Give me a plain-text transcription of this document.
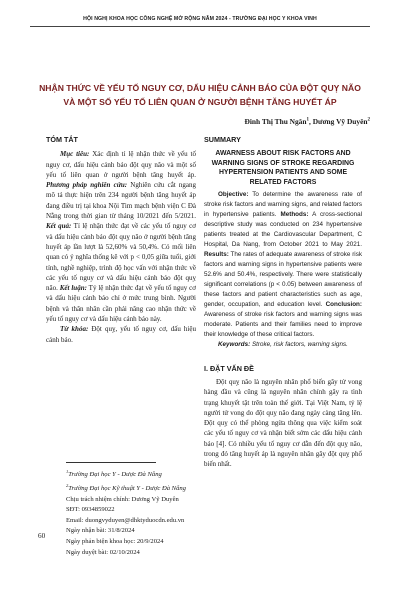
HỘI NGHỊ KHOA HỌC CÔNG NGHỆ MỞ RỘNG NĂM 2024 - TRƯỜNG ĐẠI HỌC Y KHOA VINH
NHẬN THỨC VỀ YẾU TỐ NGUY CƠ, DẤU HIỆU CẢNH BÁO CỦA ĐỘT QUỴ NÃO
VÀ MỘT SỐ YẾU TỐ LIÊN QUAN Ở NGƯỜI BỆNH TĂNG HUYẾT ÁP
Đinh Thị Thu Ngân$^1$, Dương Vỹ Duyên$^2$
TÓM TẮT

Mục tiêu: Xác định tỉ lệ nhận thức về yếu tố nguy cơ, dấu hiệu cảnh báo đột quỵ não và một số yếu tố liên quan ở người bệnh tăng huyết áp. Phương pháp nghiên cứu: Nghiên cứu cắt ngang mô tả thực hiện trên 234 người bệnh tăng huyết áp đang điều trị tại khoa Nội Tim mạch bệnh viện C Đà Nẵng trong thời gian từ tháng 10/2021 đến 5/2021. Kết quả: Tỉ lệ nhận thức đạt về các yếu tố nguy cơ và dấu hiệu cảnh báo đột quỵ não ở người bệnh tăng huyết áp lần lượt là 52,60% và 50,4%. Có mối liên quan có ý nghĩa thống kê với p < 0,05 giữa tuổi, giới tính, nghề nghiệp, trình độ học vấn với nhận thức về các yếu tố nguy cơ và dấu hiệu cảnh báo đột quỵ não. Kết luận: Tỷ lệ nhận thức đạt về yếu tố nguy cơ và dấu hiệu cảnh báo chỉ ở mức trung bình. Người bệnh và thân nhân cần phải nâng cao nhận thức về yếu tố nguy cơ và dấu hiệu cảnh báo này.

Từ khóa: Đột quỵ, yếu tố nguy cơ, dấu hiệu cảnh báo.

SUMMARY
AWARNESS ABOUT RISK FACTORS AND WARNING SIGNS OF STROKE REGARDING HYPERTENSION PATIENTS AND SOME RELATED FACTORS

Objective: To determine the awareness rate of stroke risk factors and warning signs, and related factors in hypertensive patients. Methods: A cross-sectional descriptive study was conducted on 234 hypertensive patients treated at the Cardiovascular Department, C Hospital, Da Nang, from October 2021 to May 2021. Results: The rates of adequate awareness of stroke risk factors and warning signs in hypertensive patients were 52.6% and 50.4%, respectively. There were statistically significant correlations (p < 0.05) between awareness of these factors and patient characteristics such as age, gender, occupation, and education level. Conclusion: Awareness of stroke risk factors and warning signs was moderate. Patients and their families need to improve their knowledge of these critical factors.

Keywords: Stroke, risk factors, warning signs.

I. ĐẶT VẤN ĐỀ

Đột quỵ não là nguyên nhân phổ biến gây tử vong hàng đầu và cũng là nguyên nhân chính gây ra tình trạng khuyết tật trên toàn thế giới. Tại Việt Nam, tỷ lệ người tử vong do đột quỵ não đang ngày càng tăng lên. Đột quỵ có thể phòng ngừa thông qua việc kiểm soát các yếu tố nguy cơ và nhận biết sớm các dấu hiệu cảnh báo [4]. Có nhiều yếu tố nguy cơ dẫn đến đột quỵ não, trong đó tăng huyết áp là nguyên nhân gây đột quỵ phổ biến nhất.

$^1$Trường Đại học Y - Dược Đà Nẵng
$^2$Trường Đại học Kỹ thuật Y - Dược Đà Nẵng
Chịu trách nhiệm chính: Dương Vỹ Duyên
SĐT: 0934859022
Email: duongvyduyen@dhktyduocdn.edu.vn
Ngày nhận bài: 31/8/2024
Ngày phản biện khoa học: 20/9/2024
Ngày duyệt bài: 02/10/2024
60
